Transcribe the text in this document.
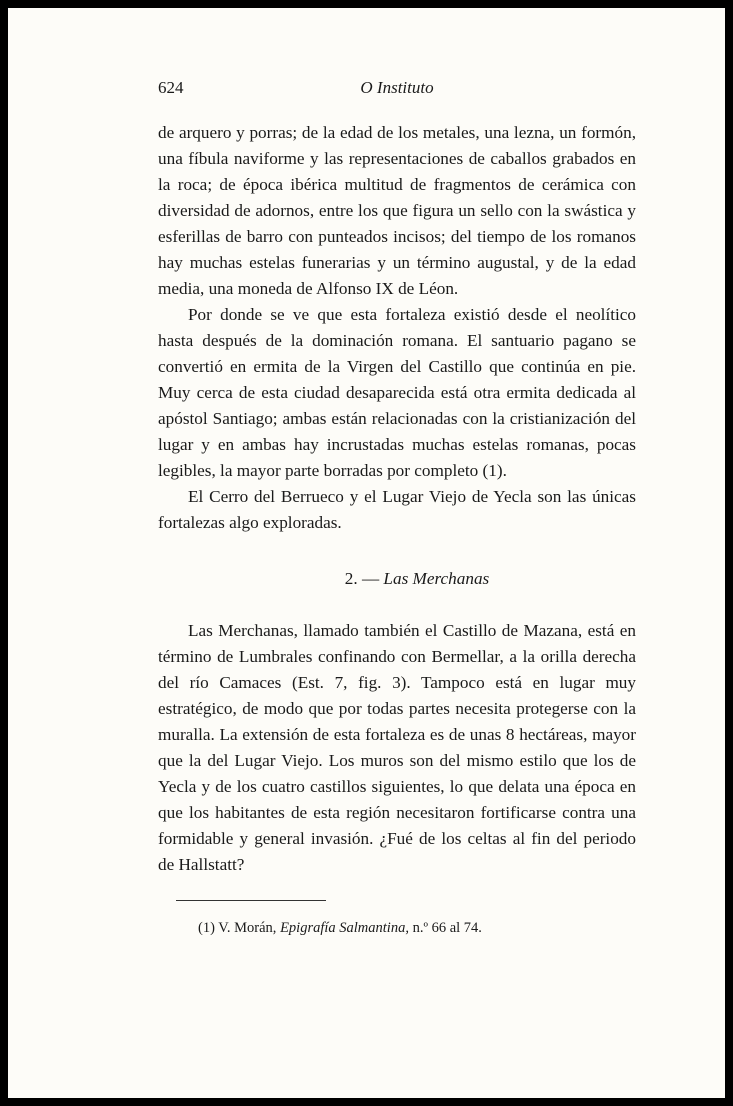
624	O Instituto

de arquero y porras; de la edad de los metales, una lezna, un formón, una fíbula naviforme y las representaciones de caballos grabados en la roca; de época ibérica multitud de fragmentos de cerámica con diversidad de adornos, entre los que figura un sello con la swástica y esferillas de barro con punteados incisos; del tiempo de los romanos hay muchas estelas funerarias y un término augustal, y de la edad media, una moneda de Alfonso IX de Léon.

Por donde se ve que esta fortaleza existió desde el neolítico hasta después de la dominación romana. El santuario pagano se convertió en ermita de la Virgen del Castillo que continúa en pie. Muy cerca de esta ciudad desaparecida está otra ermita dedicada al apóstol Santiago; ambas están relacionadas con la cristianización del lugar y en ambas hay incrustadas muchas estelas romanas, pocas legibles, la mayor parte borradas por completo (1).

El Cerro del Berrueco y el Lugar Viejo de Yecla son las únicas fortalezas algo exploradas.

2. — Las Merchanas

Las Merchanas, llamado también el Castillo de Mazana, está en término de Lumbrales confinando con Bermellar, a la orilla derecha del río Camaces (Est. 7, fig. 3). Tampoco está en lugar muy estratégico, de modo que por todas partes necesita protegerse con la muralla. La extensión de esta fortaleza es de unas 8 hectáreas, mayor que la del Lugar Viejo. Los muros son del mismo estilo que los de Yecla y de los cuatro castillos siguientes, lo que delata una época en que los habitantes de esta región necesitaron fortificarse contra una formidable y general invasión. ¿Fué de los celtas al fin del periodo de Hallstatt?

(1) V. Morán, Epigrafía Salmantina, n.º 66 al 74.
